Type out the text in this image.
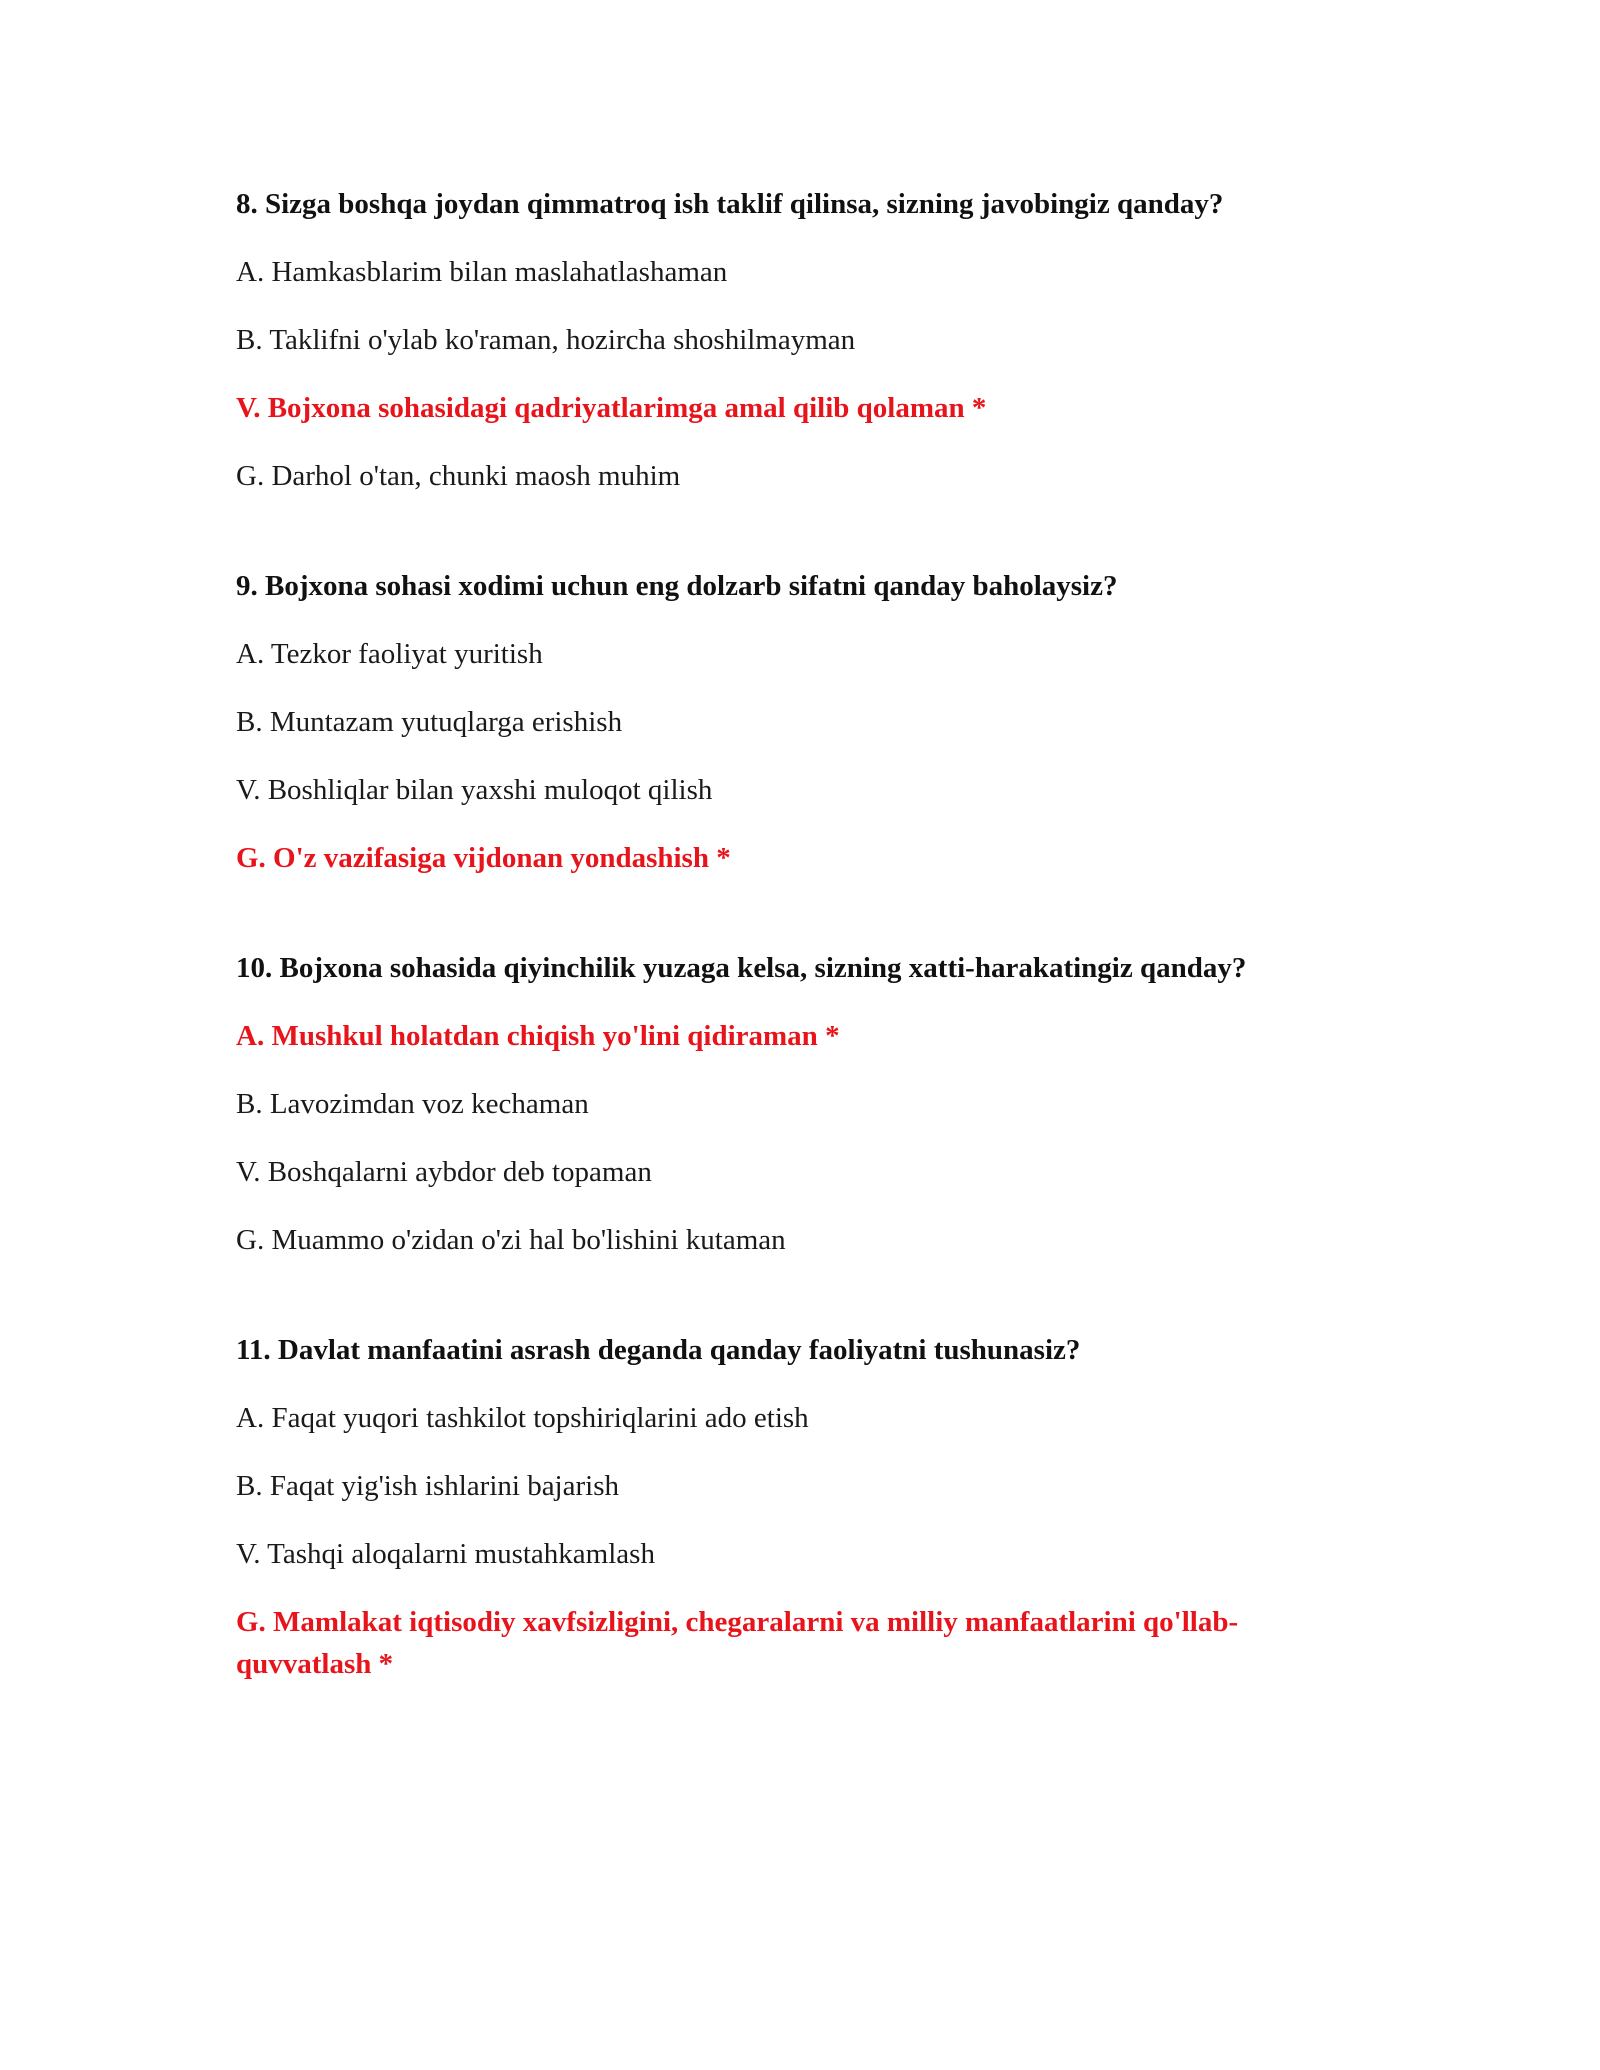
8. Sizga boshqa joydan qimmatroq ish taklif qilinsa, sizning javobingiz qanday?
A. Hamkasblarim bilan maslahatlashaman
B. Taklifni o'ylab ko'raman, hozircha shoshilmayman
V. Bojxona sohasidagi qadriyatlarimga amal qilib qolaman *
G. Darhol o'tan, chunki maosh muhim
9. Bojxona sohasi xodimi uchun eng dolzarb sifatni qanday baholaysiz?
A. Tezkor faoliyat yuritish
B. Muntazam yutuqlarga erishish
V. Boshliqlar bilan yaxshi muloqot qilish
G. O'z vazifasiga vijdonan yondashish *
10. Bojxona sohasida qiyinchilik yuzaga kelsa, sizning xatti-harakatingiz qanday?
A. Mushkul holatdan chiqish yo'lini qidiraman *
B. Lavozimdan voz kechaman
V. Boshqalarni aybdor deb topaman
G. Muammo o'zidan o'zi hal bo'lishini kutaman
11. Davlat manfaatini asrash deganda qanday faoliyatni tushunasiz?
A. Faqat yuqori tashkilot topshiriqlarini ado etish
B. Faqat yig'ish ishlarini bajarish
V. Tashqi aloqalarni mustahkamlash
G. Mamlakat iqtisodiy xavfsizligini, chegaralarni va milliy manfaatlarini qo'llab-quvvatlash *
